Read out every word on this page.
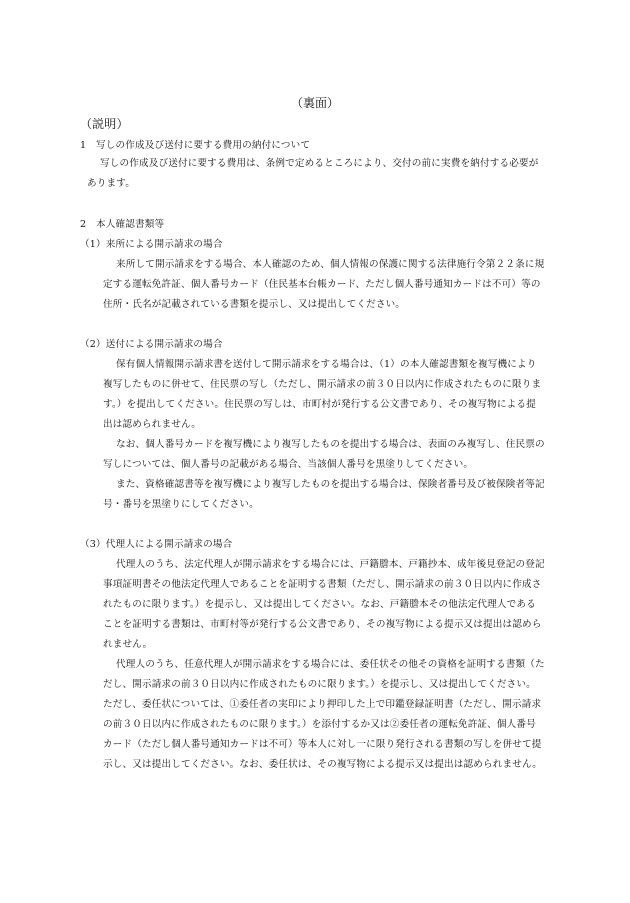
（裏面）
（説明）
1　写しの作成及び送付に要する費用の納付について
写しの作成及び送付に要する費用は、条例で定めるところにより、交付の前に実費を納付する必要が
あります。
2　本人確認書類等
（1）来所による開示請求の場合
来所して開示請求をする場合、本人確認のため、個人情報の保護に関する法律施行令第２２条に規
定する運転免許証、個人番号カード（住民基本台帳カード、ただし個人番号通知カードは不可）等の
住所・氏名が記載されている書類を提示し、又は提出してください。
（2）送付による開示請求の場合
保有個人情報開示請求書を送付して開示請求をする場合は、（1）の本人確認書類を複写機により
複写したものに併せて、住民票の写し（ただし、開示請求の前３０日以内に作成されたものに限りま
す。）を提出してください。住民票の写しは、市町村が発行する公文書であり、その複写物による提
出は認められません。
なお、個人番号カードを複写機により複写したものを提出する場合は、表面のみ複写し、住民票の
写しについては、個人番号の記載がある場合、当該個人番号を黒塗りしてください。
また、資格確認書等を複写機により複写したものを提出する場合は、保険者番号及び被保険者等記
号・番号を黒塗りにしてください。
（3）代理人による開示請求の場合
代理人のうち、法定代理人が開示請求をする場合には、戸籍謄本、戸籍抄本、成年後見登記の登記
事項証明書その他法定代理人であることを証明する書類（ただし、開示請求の前３０日以内に作成さ
れたものに限ります。）を提示し、又は提出してください。なお、戸籍謄本その他法定代理人である
ことを証明する書類は、市町村等が発行する公文書であり、その複写物による提示又は提出は認めら
れません。
代理人のうち、任意代理人が開示請求をする場合には、委任状その他その資格を証明する書類（た
だし、開示請求の前３０日以内に作成されたものに限ります。）を提示し、又は提出してください。
ただし、委任状については、①委任者の実印により押印した上で印鑑登録証明書（ただし、開示請求
の前３０日以内に作成されたものに限ります。）を添付するか又は②委任者の運転免許証、個人番号
カード（ただし個人番号通知カードは不可）等本人に対し一に限り発行される書類の写しを併せて提
示し、又は提出してください。なお、委任状は、その複写物による提示又は提出は認められません。
